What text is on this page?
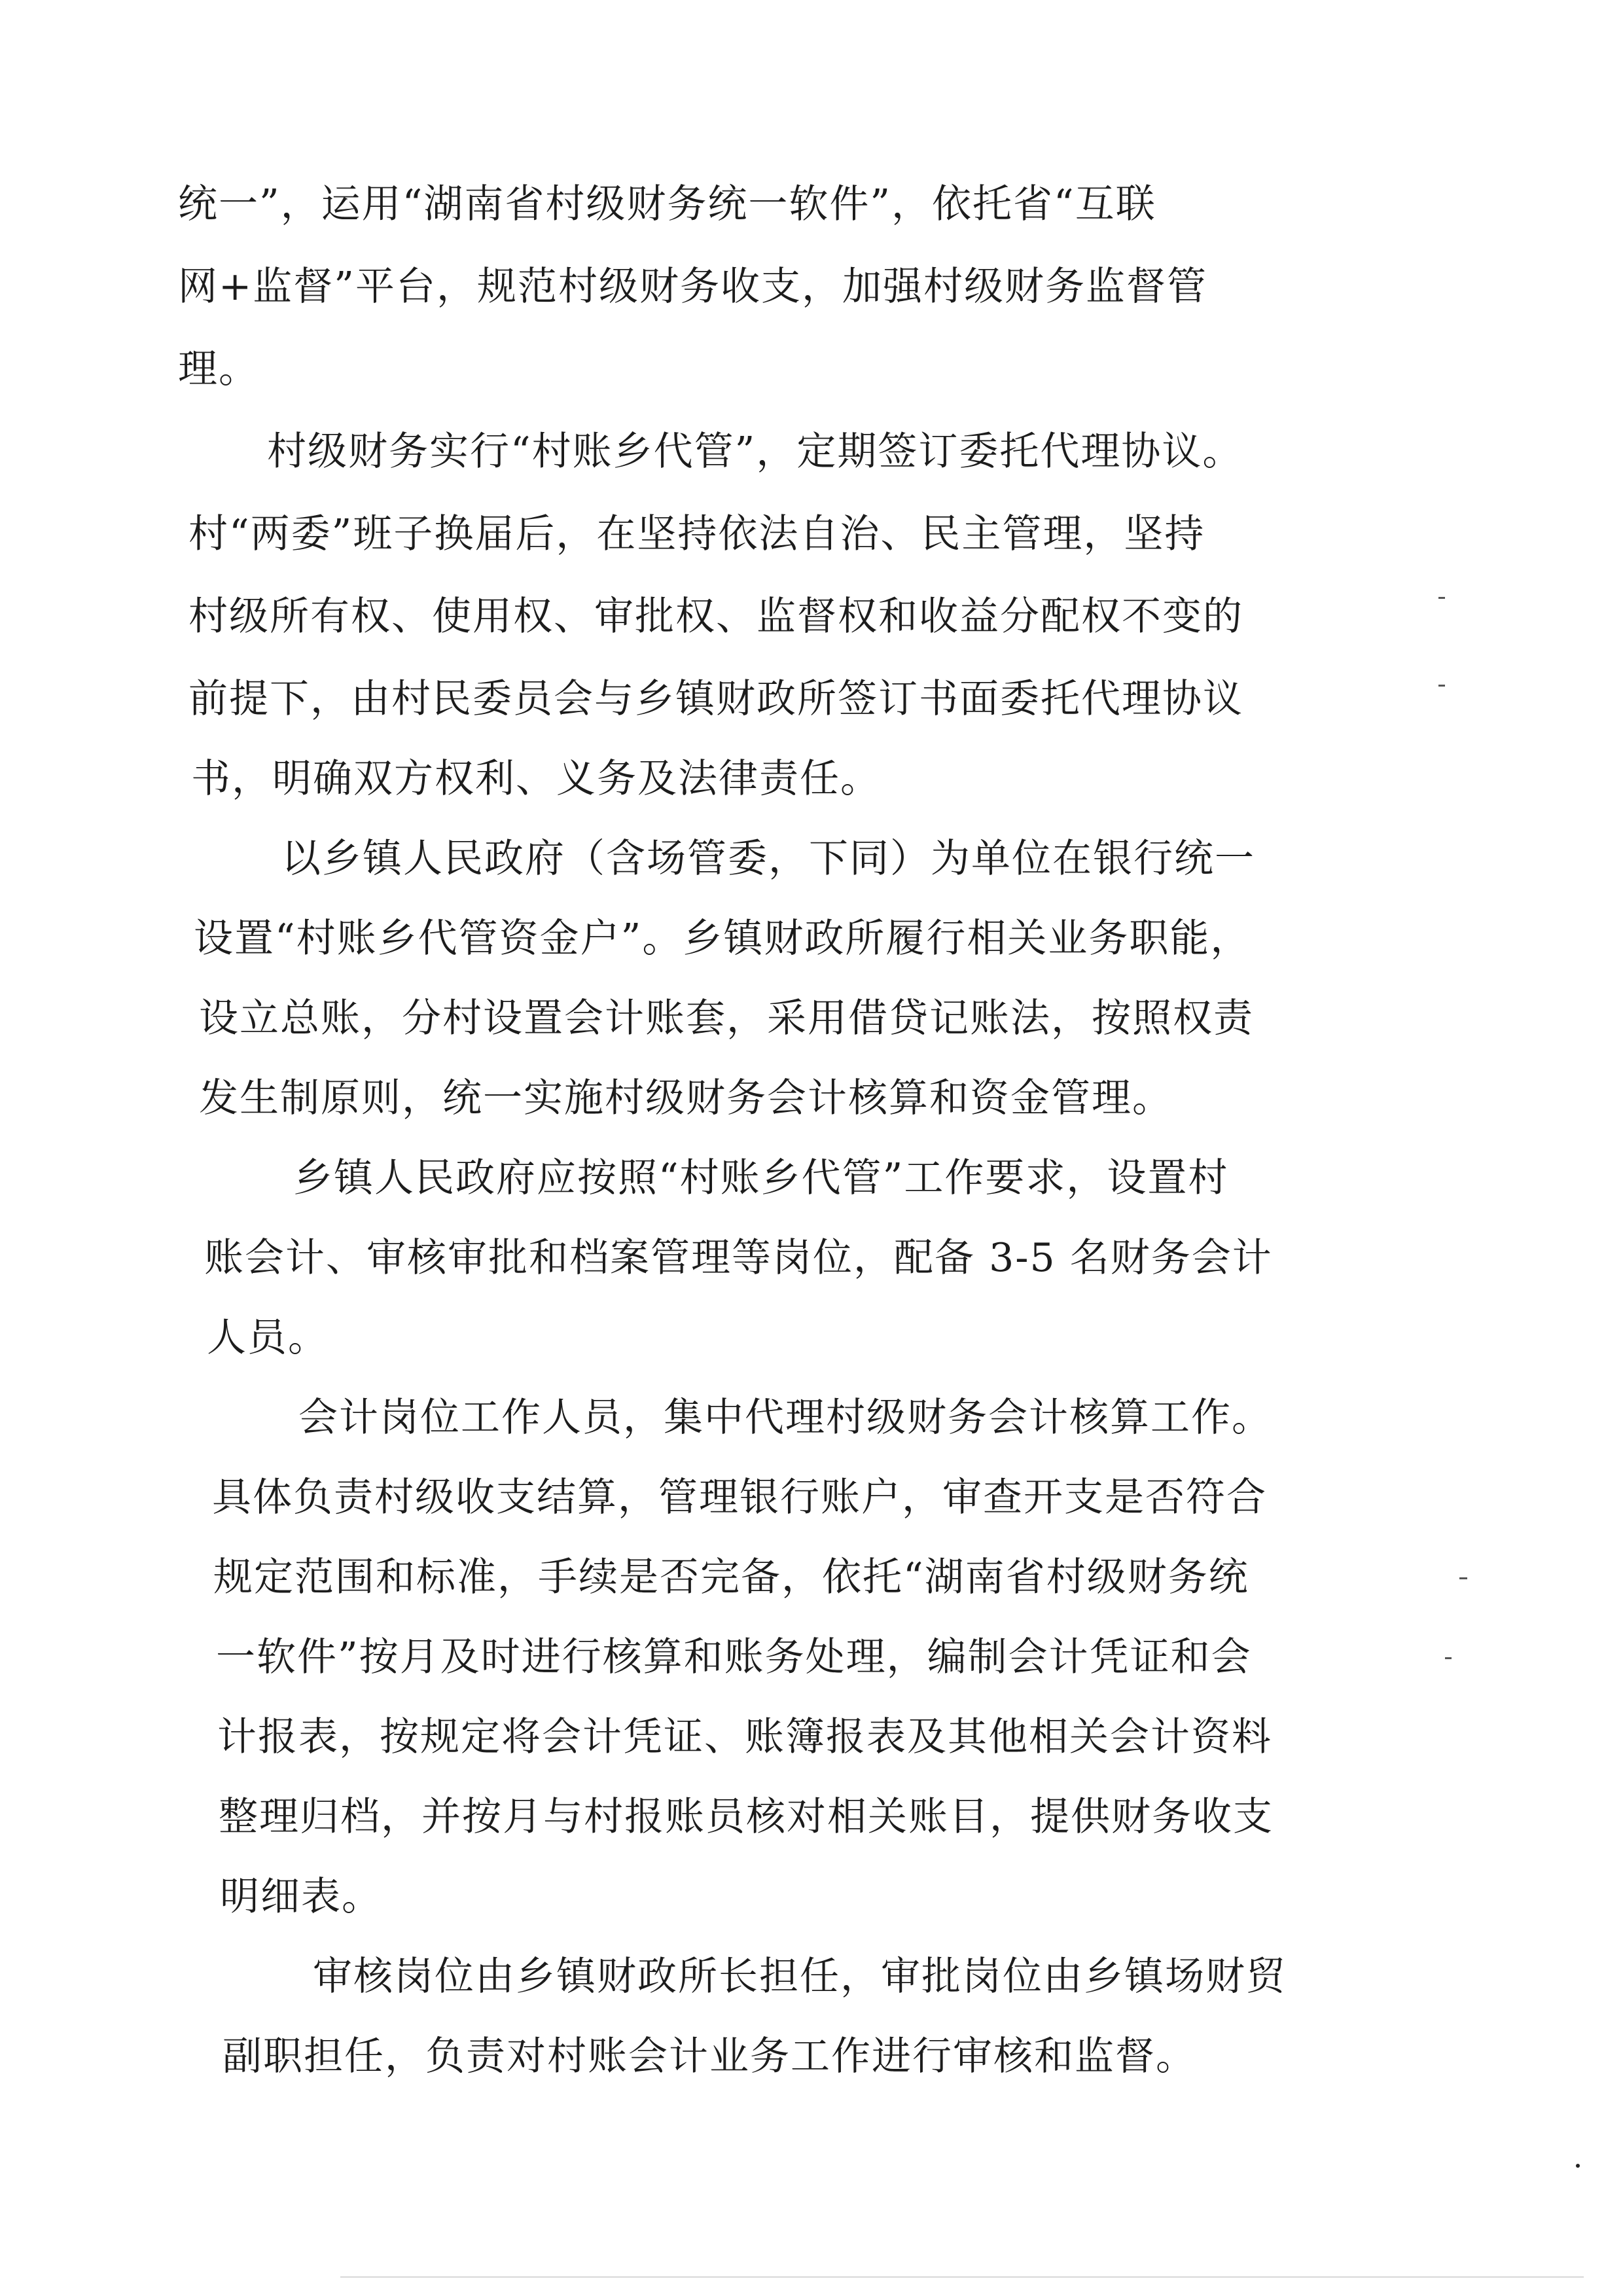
统一”，运用“湖南省村级财务统一软件”，依托省“互联
网+监督”平台，规范村级财务收支，加强村级财务监督管
理。
村级财务实行“村账乡代管”，定期签订委托代理协议。
村“两委”班子换届后，在坚持依法自治、民主管理，坚持
村级所有权、使用权、审批权、监督权和收益分配权不变的
前提下，由村民委员会与乡镇财政所签订书面委托代理协议
书，明确双方权利、义务及法律责任。
以乡镇人民政府（含场管委，下同）为单位在银行统一
设置“村账乡代管资金户”。乡镇财政所履行相关业务职能，
设立总账，分村设置会计账套，采用借贷记账法，按照权责
发生制原则，统一实施村级财务会计核算和资金管理。
乡镇人民政府应按照“村账乡代管”工作要求，设置村
账会计、审核审批和档案管理等岗位，配备 3-5 名财务会计
人员。
会计岗位工作人员，集中代理村级财务会计核算工作。
具体负责村级收支结算，管理银行账户，审查开支是否符合
规定范围和标准，手续是否完备，依托“湖南省村级财务统
一软件”按月及时进行核算和账务处理，编制会计凭证和会
计报表，按规定将会计凭证、账簿报表及其他相关会计资料
整理归档，并按月与村报账员核对相关账目，提供财务收支
明细表。
审核岗位由乡镇财政所长担任，审批岗位由乡镇场财贸
副职担任，负责对村账会计业务工作进行审核和监督。
